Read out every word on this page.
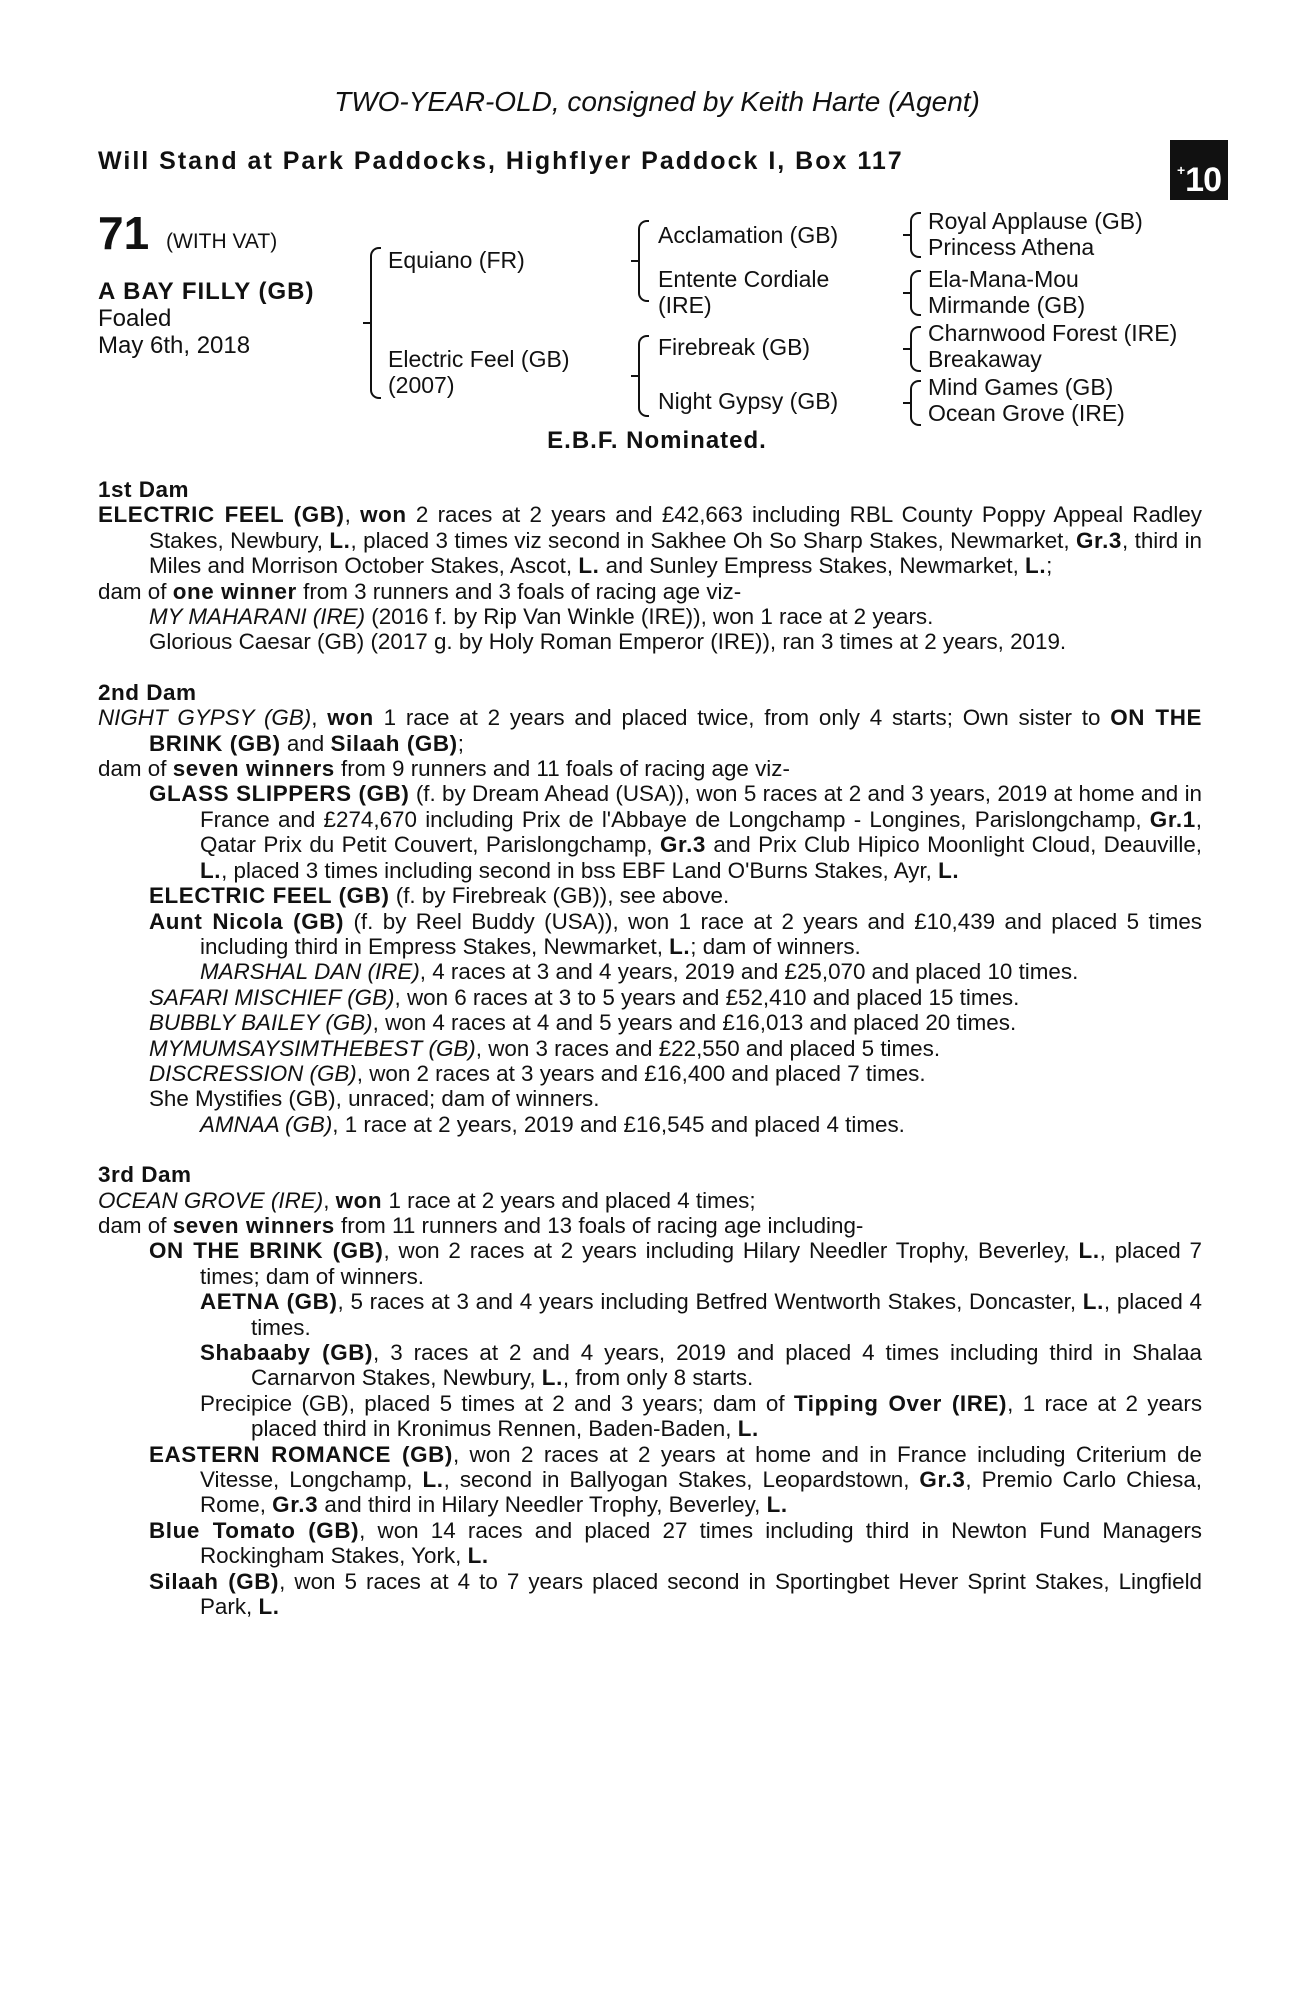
TWO-YEAR-OLD, consigned by Keith Harte (Agent)
Will Stand at Park Paddocks, Highflyer Paddock I, Box 117	+10
71 (WITH VAT)
A BAY FILLY (GB)
Foaled
May 6th, 2018
Equiano (FR)
Electric Feel (GB)
(2007)
Acclamation (GB)
Entente Cordiale
(IRE)
Firebreak (GB)
Night Gypsy (GB)
Royal Applause (GB)
Princess Athena
Ela-Mana-Mou
Mirmande (GB)
Charnwood Forest (IRE)
Breakaway
Mind Games (GB)
Ocean Grove (IRE)
E.B.F. Nominated.

1st Dam

ELECTRIC FEEL (GB), won 2 races at 2 years and £42,663 including RBL County Poppy Appeal Radley Stakes, Newbury, L., placed 3 times viz second in Sakhee Oh So Sharp Stakes, Newmarket, Gr.3, third in Miles and Morrison October Stakes, Ascot, L. and Sunley Empress Stakes, Newmarket, L.;

dam of one winner from 3 runners and 3 foals of racing age viz-

MY MAHARANI (IRE) (2016 f. by Rip Van Winkle (IRE)), won 1 race at 2 years.

Glorious Caesar (GB) (2017 g. by Holy Roman Emperor (IRE)), ran 3 times at 2 years, 2019.

2nd Dam

NIGHT GYPSY (GB), won 1 race at 2 years and placed twice, from only 4 starts; Own sister to ON THE BRINK (GB) and Silaah (GB);

dam of seven winners from 9 runners and 11 foals of racing age viz-

GLASS SLIPPERS (GB) (f. by Dream Ahead (USA)), won 5 races at 2 and 3 years, 2019 at home and in France and £274,670 including Prix de l'Abbaye de Longchamp - Longines, Parislongchamp, Gr.1, Qatar Prix du Petit Couvert, Parislongchamp, Gr.3 and Prix Club Hipico Moonlight Cloud, Deauville, L., placed 3 times including second in bss EBF Land O'Burns Stakes, Ayr, L.

ELECTRIC FEEL (GB) (f. by Firebreak (GB)), see above.

Aunt Nicola (GB) (f. by Reel Buddy (USA)), won 1 race at 2 years and £10,439 and placed 5 times including third in Empress Stakes, Newmarket, L.; dam of winners.

MARSHAL DAN (IRE), 4 races at 3 and 4 years, 2019 and £25,070 and placed 10 times.

SAFARI MISCHIEF (GB), won 6 races at 3 to 5 years and £52,410 and placed 15 times.

BUBBLY BAILEY (GB), won 4 races at 4 and 5 years and £16,013 and placed 20 times.

MYMUMSAYSIMTHEBEST (GB), won 3 races and £22,550 and placed 5 times.

DISCRESSION (GB), won 2 races at 3 years and £16,400 and placed 7 times.

She Mystifies (GB), unraced; dam of winners.

AMNAA (GB), 1 race at 2 years, 2019 and £16,545 and placed 4 times.

3rd Dam

OCEAN GROVE (IRE), won 1 race at 2 years and placed 4 times;

dam of seven winners from 11 runners and 13 foals of racing age including-

ON THE BRINK (GB), won 2 races at 2 years including Hilary Needler Trophy, Beverley, L., placed 7 times; dam of winners.

AETNA (GB), 5 races at 3 and 4 years including Betfred Wentworth Stakes, Doncaster, L., placed 4 times.

Shabaaby (GB), 3 races at 2 and 4 years, 2019 and placed 4 times including third in Shalaa Carnarvon Stakes, Newbury, L., from only 8 starts.

Precipice (GB), placed 5 times at 2 and 3 years; dam of Tipping Over (IRE), 1 race at 2 years placed third in Kronimus Rennen, Baden-Baden, L.

EASTERN ROMANCE (GB), won 2 races at 2 years at home and in France including Criterium de Vitesse, Longchamp, L., second in Ballyogan Stakes, Leopardstown, Gr.3, Premio Carlo Chiesa, Rome, Gr.3 and third in Hilary Needler Trophy, Beverley, L.

Blue Tomato (GB), won 14 races and placed 27 times including third in Newton Fund Managers Rockingham Stakes, York, L.

Silaah (GB), won 5 races at 4 to 7 years placed second in Sportingbet Hever Sprint Stakes, Lingfield Park, L.
